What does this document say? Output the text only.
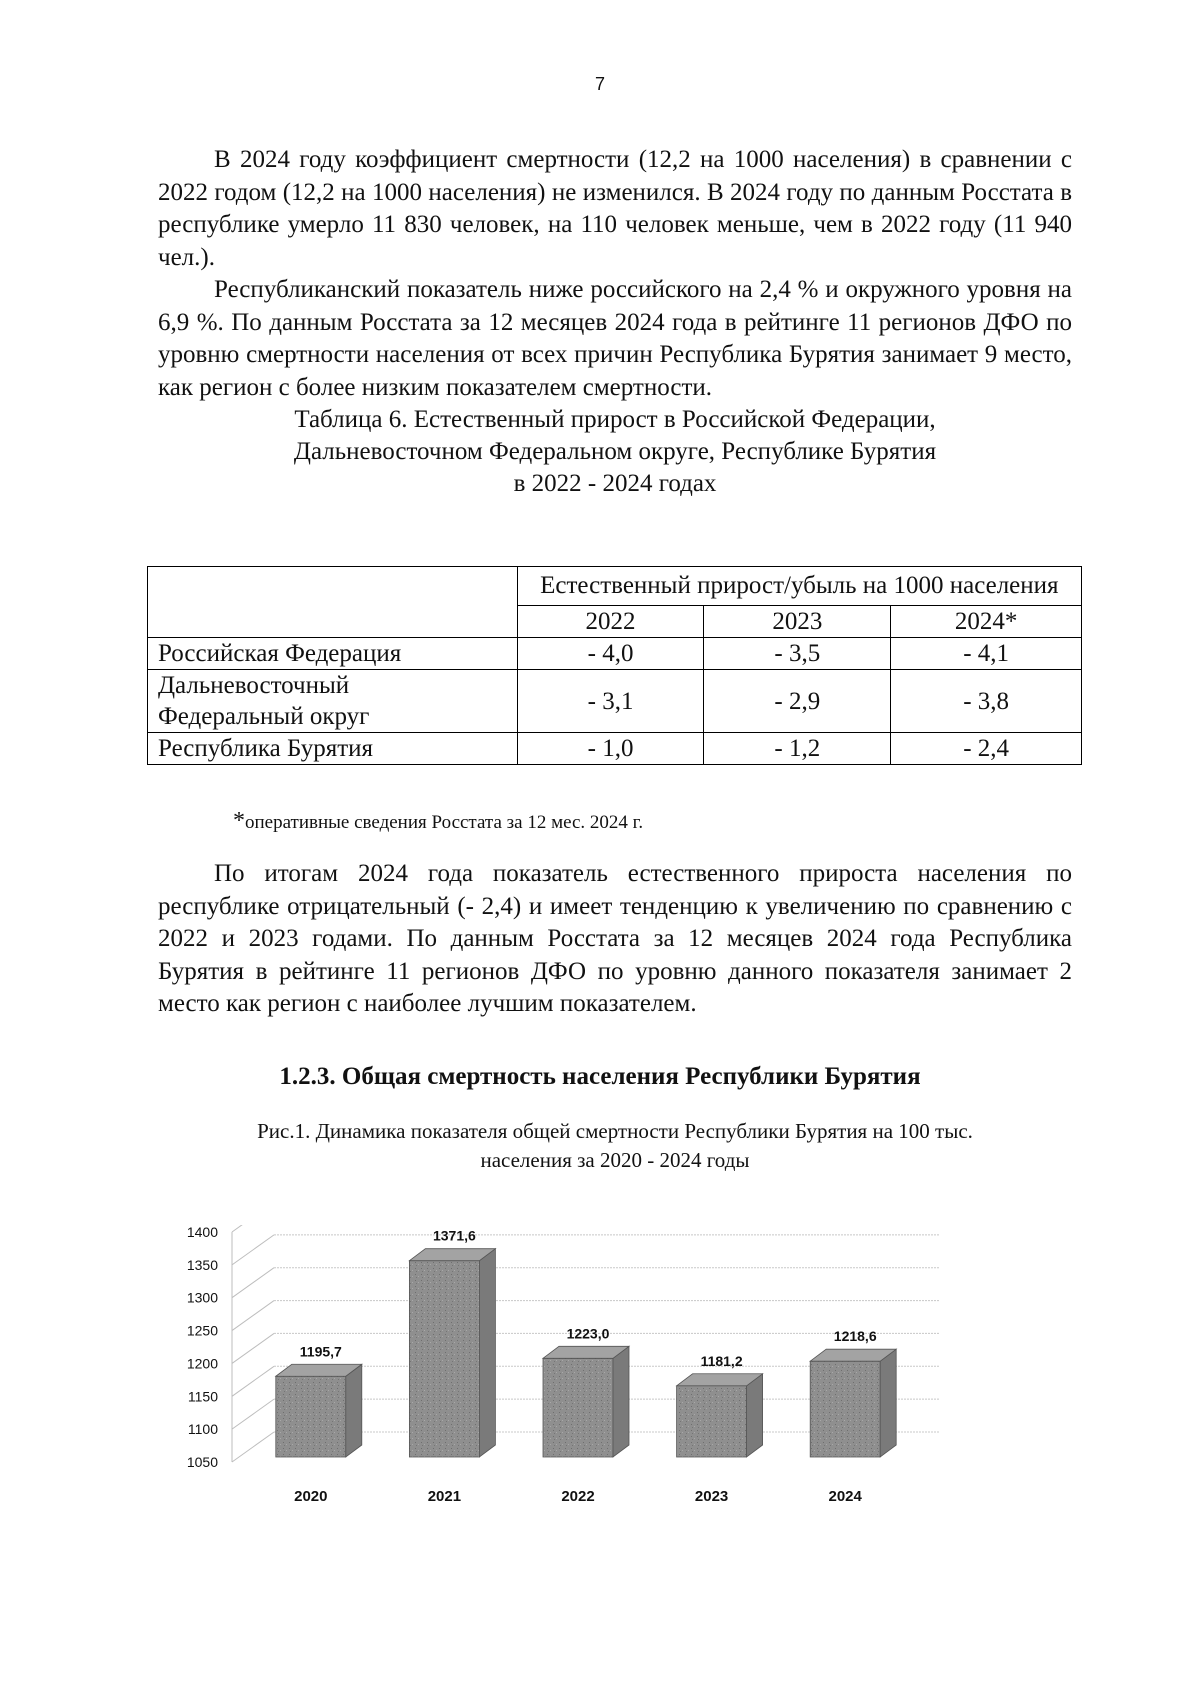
7

В 2024 году коэффициент смертности (12,2 на 1000 населения) в сравнении с 2022 годом (12,2 на 1000 населения) не изменился. В 2024 году по данным Росстата в республике умерло 11 830 человек, на 110 человек меньше, чем в 2022 году (11 940 чел.).

Республиканский показатель ниже российского на 2,4 % и окружного уровня на 6,9 %. По данным Росстата за 12 месяцев 2024 года в рейтинге 11 регионов ДФО по уровню смертности населения от всех причин Республика Бурятия занимает 9 место, как регион с более низким показателем смертности.

Таблица 6. Естественный прирост в Российской Федерации,
Дальневосточном Федеральном округе, Республике Бурятия
в 2022 - 2024 годах
	Естественный прирост/убыль на 1000 населения		
	2022	2023	2024*
Российская Федерация	- 4,0	- 3,5	- 4,1

Дальневосточный
Федеральный округ	- 3,1	- 2,9	- 3,8
Республика Бурятия	- 1,0	- 1,2	- 2,4
*оперативные сведения Росстата за 12 мес. 2024 г.

По итогам 2024 года показатель естественного прироста населения по республике отрицательный (- 2,4) и имеет тенденцию к увеличению по сравнению с 2022 и 2023 годами. По данным Росстата за 12 месяцев 2024 года Республика Бурятия в рейтинге 11 регионов ДФО по уровню данного показателя занимает 2 место как регион с наиболее лучшим показателем.

1.2.3. Общая смертность населения Республики Бурятия
Рис.1. Динамика показателя общей смертности Республики Бурятия на 100 тыс.
населения за 2020 - 2024 годы
1050
1100
1150
1200
1250
1300
1350
1400
1195,7
2020
1371,6
2021
1223,0
2022
1181,2
2023
1218,6
2024
